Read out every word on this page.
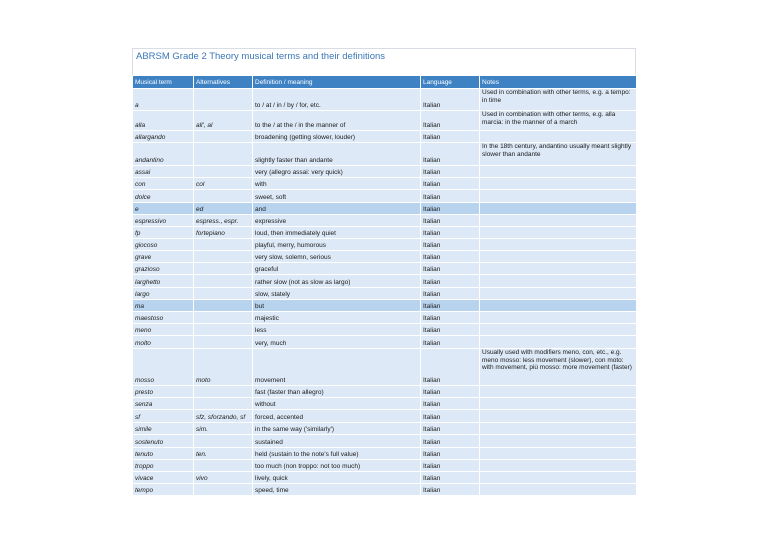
ABRSM Grade 2 Theory musical terms and their definitions
Musical term	Alternatives	Definition / meaning	Language	Notes
a		to / at / in / by / for, etc.	Italian	Used in combination with other terms, e.g. a tempo: in time
alla	all', al	to the / at the / in the manner of	Italian	Used in combination with other terms, e.g. alla marcia: in the manner of a march
allargando		broadening (getting slower, louder)	Italian	
andantino		slightly faster than andante	Italian	In the 18th century, andantino usually meant slightly slower than andante
assai		very (allegro assai: very quick)	Italian	
con	col	with	Italian	
dolce		sweet, soft	Italian	
e	ed	and	Italian	
espressivo	espress., espr.	expressive	Italian	
fp	fortepiano	loud, then immediately quiet	Italian	
giocoso		playful, merry, humorous	Italian	
grave		very slow, solemn, serious	Italian	
grazioso		graceful	Italian	
larghetto		rather slow (not as slow as largo)	Italian	
largo		slow, stately	Italian	
ma		but	Italian	
maestoso		majestic	Italian	
meno		less	Italian	
molto		very, much	Italian	
mosso	moto	movement	Italian	Usually used with modifiers meno, con, etc., e.g. meno mosso: less movement (slower), con moto: with movement, più mosso: more movement (faster)
presto		fast (faster than allegro)	Italian	
senza		without	Italian	
sf	sfz, sforzando, sf	forced, accented	Italian	
simile	sim.	in the same way ('similarly')	Italian	
sostenuto		sustained	Italian	
tenuto	ten.	held (sustain to the note's full value)	Italian	
troppo		too much (non troppo: not too much)	Italian	
vivace	vivo	lively, quick	Italian	
tempo		speed, time	Italian	
